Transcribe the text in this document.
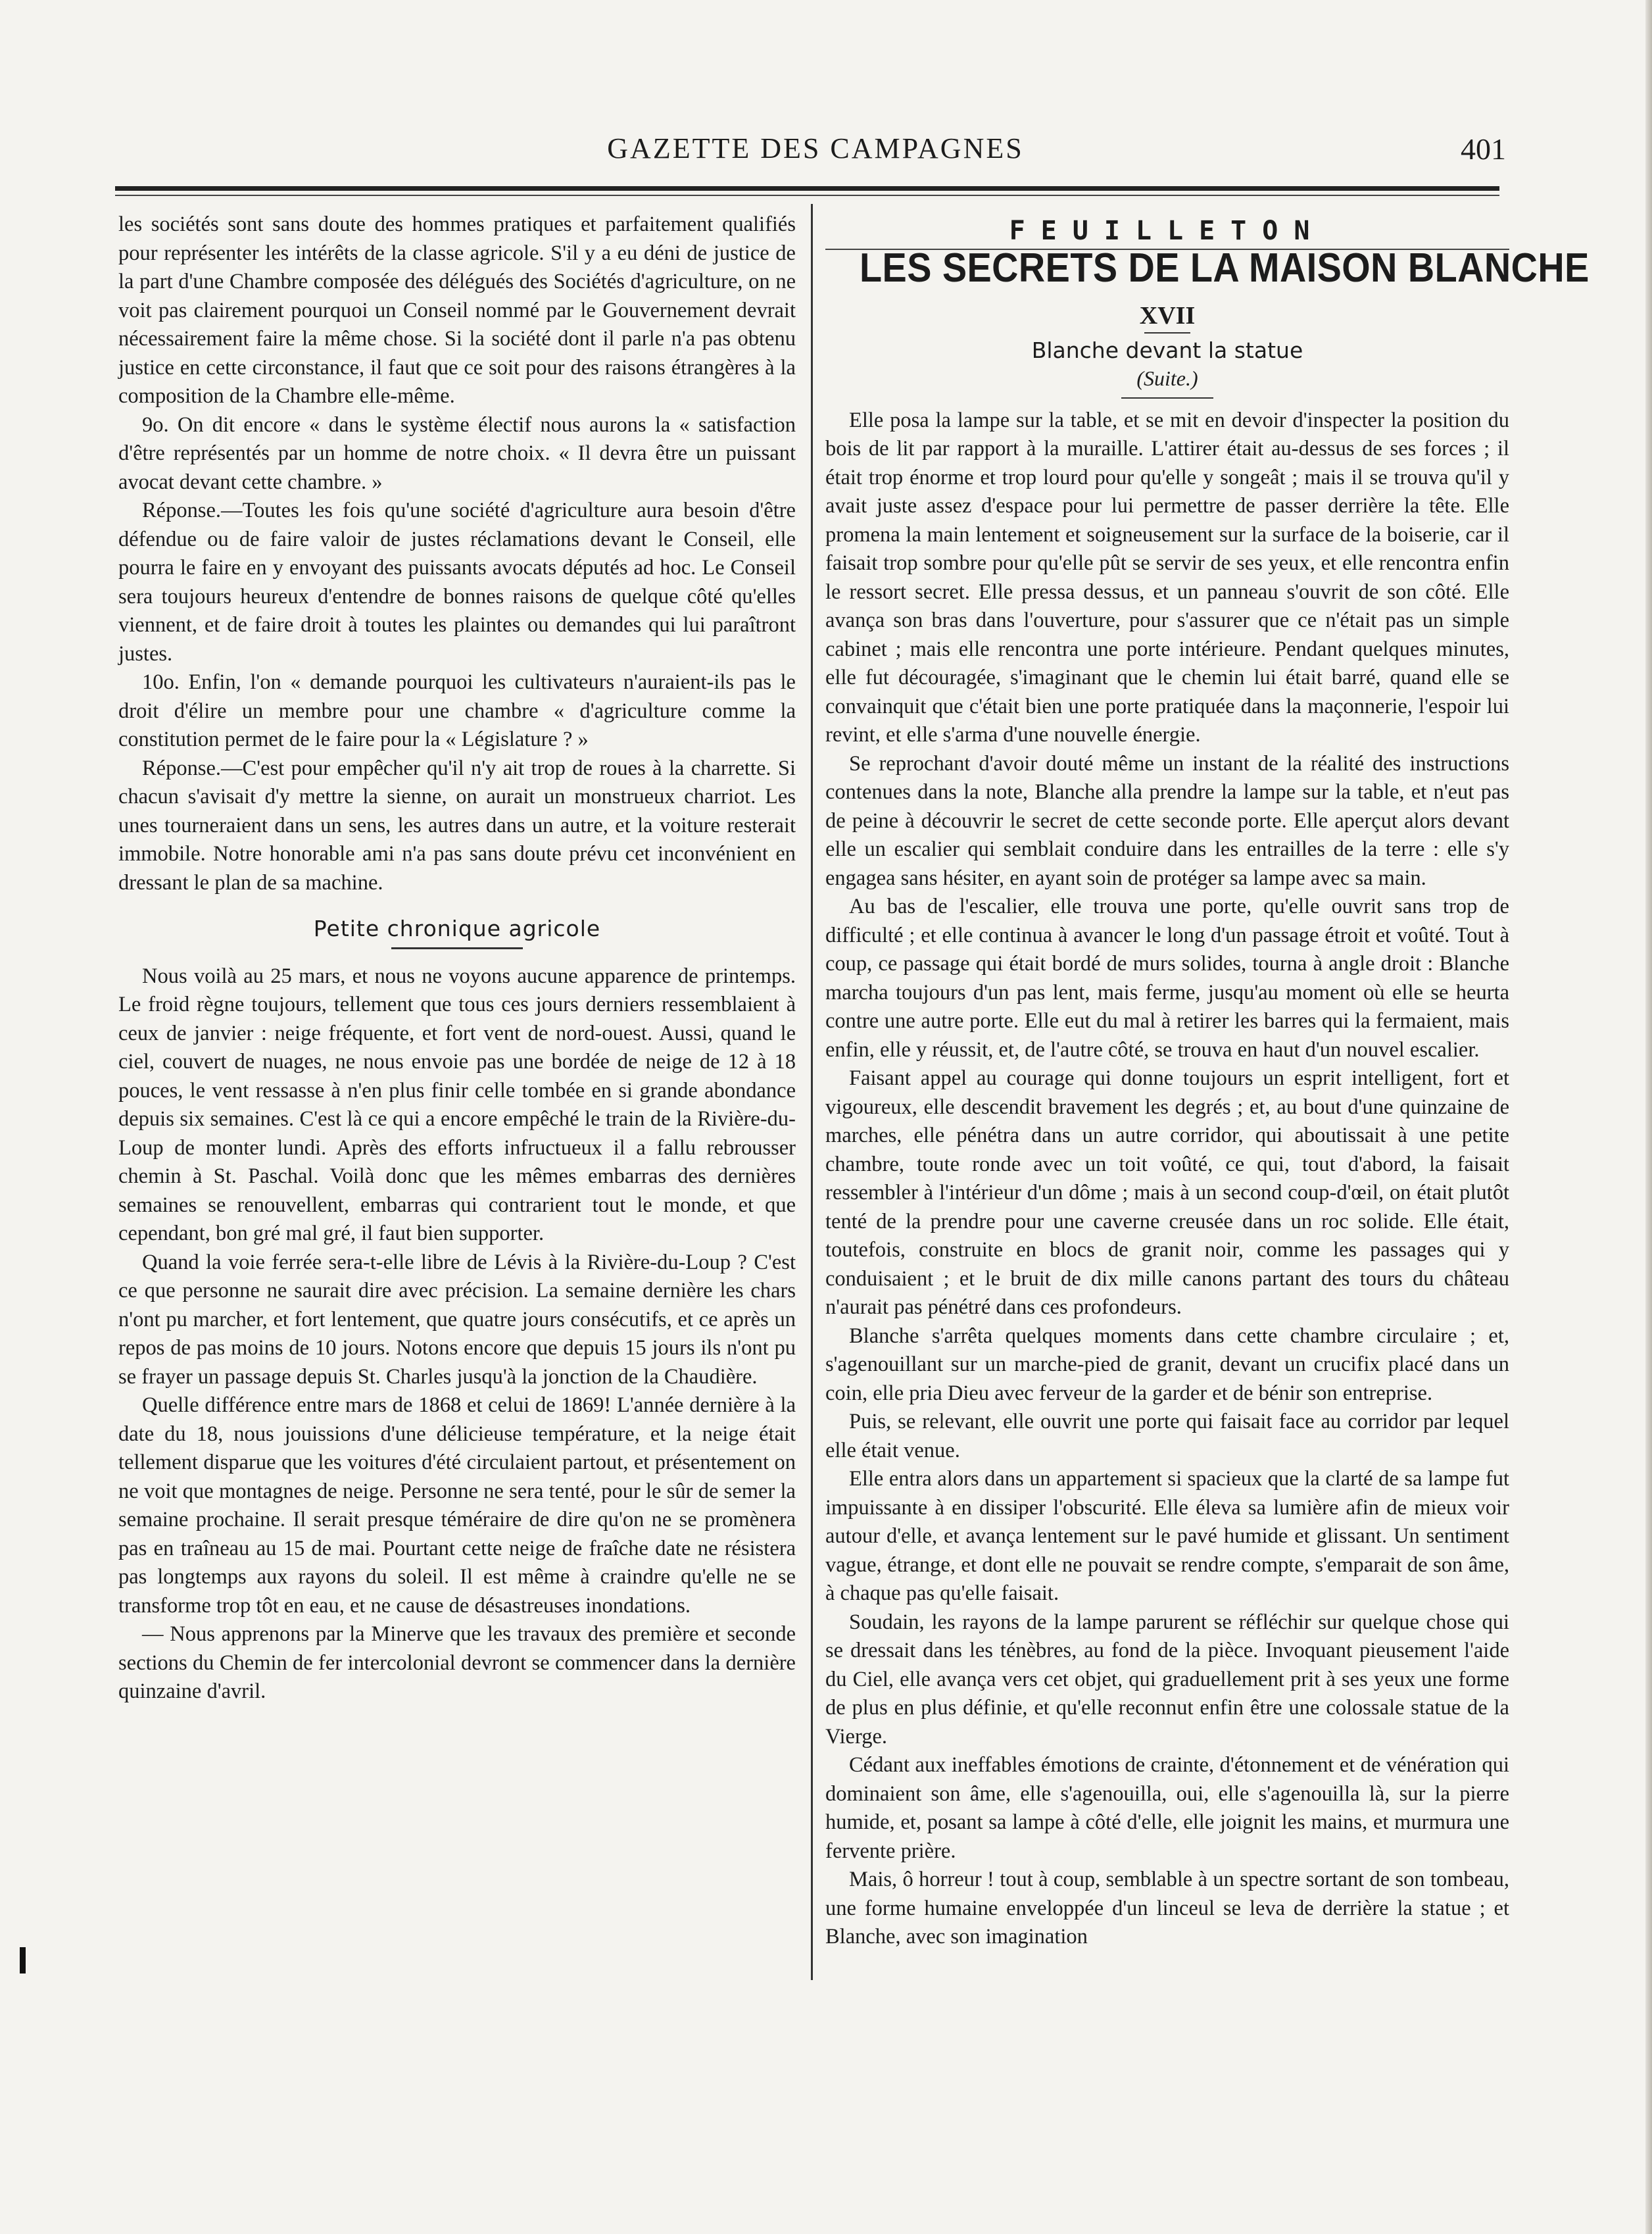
GAZETTE DES CAMPAGNES	401

les sociétés sont sans doute des hommes pratiques et parfaitement qualifiés pour représenter les intérêts de la classe agricole. S'il y a eu déni de justice de la part d'une Chambre composée des délégués des Sociétés d'agriculture, on ne voit pas clairement pourquoi un Conseil nommé par le Gouvernement devrait nécessairement faire la même chose. Si la société dont il parle n'a pas obtenu justice en cette circonstance, il faut que ce soit pour des raisons étrangères à la composition de la Chambre elle-même.

9o. On dit encore « dans le système électif nous aurons la « satisfaction d'être représentés par un homme de notre choix. « Il devra être un puissant avocat devant cette chambre. »

Réponse.—Toutes les fois qu'une société d'agriculture aura besoin d'être défendue ou de faire valoir de justes réclamations devant le Conseil, elle pourra le faire en y envoyant des puissants avocats députés ad hoc. Le Conseil sera toujours heureux d'entendre de bonnes raisons de quelque côté qu'elles viennent, et de faire droit à toutes les plaintes ou demandes qui lui paraîtront justes.

10o. Enfin, l'on « demande pourquoi les cultivateurs n'auraient-ils pas le droit d'élire un membre pour une chambre « d'agriculture comme la constitution permet de le faire pour la « Législature ? »

Réponse.—C'est pour empêcher qu'il n'y ait trop de roues à la charrette. Si chacun s'avisait d'y mettre la sienne, on aurait un monstrueux charriot. Les unes tourneraient dans un sens, les autres dans un autre, et la voiture resterait immobile. Notre honorable ami n'a pas sans doute prévu cet inconvénient en dressant le plan de sa machine.

Petite chronique agricole

Nous voilà au 25 mars, et nous ne voyons aucune apparence de printemps. Le froid règne toujours, tellement que tous ces jours derniers ressemblaient à ceux de janvier : neige fréquente, et fort vent de nord-ouest. Aussi, quand le ciel, couvert de nuages, ne nous envoie pas une bordée de neige de 12 à 18 pouces, le vent ressasse à n'en plus finir celle tombée en si grande abondance depuis six semaines. C'est là ce qui a encore empêché le train de la Rivière-du-Loup de monter lundi. Après des efforts infructueux il a fallu rebrousser chemin à St. Paschal. Voilà donc que les mêmes embarras des dernières semaines se renouvellent, embarras qui contrarient tout le monde, et que cependant, bon gré mal gré, il faut bien supporter.

Quand la voie ferrée sera-t-elle libre de Lévis à la Rivière-du-Loup ? C'est ce que personne ne saurait dire avec précision. La semaine dernière les chars n'ont pu marcher, et fort lentement, que quatre jours consécutifs, et ce après un repos de pas moins de 10 jours. Notons encore que depuis 15 jours ils n'ont pu se frayer un passage depuis St. Charles jusqu'à la jonction de la Chaudière.

Quelle différence entre mars de 1868 et celui de 1869! L'année dernière à la date du 18, nous jouissions d'une délicieuse température, et la neige était tellement disparue que les voitures d'été circulaient partout, et présentement on ne voit que montagnes de neige. Personne ne sera tenté, pour le sûr de semer la semaine prochaine. Il serait presque téméraire de dire qu'on ne se promènera pas en traîneau au 15 de mai. Pourtant cette neige de fraîche date ne résistera pas longtemps aux rayons du soleil. Il est même à craindre qu'elle ne se transforme trop tôt en eau, et ne cause de désastreuses inondations.

— Nous apprenons par la Minerve que les travaux des première et seconde sections du Chemin de fer intercolonial devront se commencer dans la dernière quinzaine d'avril.

FEUILLETON
LES SECRETS DE LA MAISON BLANCHE
XVII
Blanche devant la statue
(Suite.)

Elle posa la lampe sur la table, et se mit en devoir d'inspecter la position du bois de lit par rapport à la muraille. L'attirer était au-dessus de ses forces ; il était trop énorme et trop lourd pour qu'elle y songeât ; mais il se trouva qu'il y avait juste assez d'espace pour lui permettre de passer derrière la tête. Elle promena la main lentement et soigneusement sur la surface de la boiserie, car il faisait trop sombre pour qu'elle pût se servir de ses yeux, et elle rencontra enfin le ressort secret. Elle pressa dessus, et un panneau s'ouvrit de son côté. Elle avança son bras dans l'ouverture, pour s'assurer que ce n'était pas un simple cabinet ; mais elle rencontra une porte intérieure. Pendant quelques minutes, elle fut découragée, s'imaginant que le chemin lui était barré, quand elle se convainquit que c'était bien une porte pratiquée dans la maçonnerie, l'espoir lui revint, et elle s'arma d'une nouvelle énergie.

Se reprochant d'avoir douté même un instant de la réalité des instructions contenues dans la note, Blanche alla prendre la lampe sur la table, et n'eut pas de peine à découvrir le secret de cette seconde porte. Elle aperçut alors devant elle un escalier qui semblait conduire dans les entrailles de la terre : elle s'y engagea sans hésiter, en ayant soin de protéger sa lampe avec sa main.

Au bas de l'escalier, elle trouva une porte, qu'elle ouvrit sans trop de difficulté ; et elle continua à avancer le long d'un passage étroit et voûté. Tout à coup, ce passage qui était bordé de murs solides, tourna à angle droit : Blanche marcha toujours d'un pas lent, mais ferme, jusqu'au moment où elle se heurta contre une autre porte. Elle eut du mal à retirer les barres qui la fermaient, mais enfin, elle y réussit, et, de l'autre côté, se trouva en haut d'un nouvel escalier.

Faisant appel au courage qui donne toujours un esprit intelligent, fort et vigoureux, elle descendit bravement les degrés ; et, au bout d'une quinzaine de marches, elle pénétra dans un autre corridor, qui aboutissait à une petite chambre, toute ronde avec un toit voûté, ce qui, tout d'abord, la faisait ressembler à l'intérieur d'un dôme ; mais à un second coup-d'œil, on était plutôt tenté de la prendre pour une caverne creusée dans un roc solide. Elle était, toutefois, construite en blocs de granit noir, comme les passages qui y conduisaient ; et le bruit de dix mille canons partant des tours du château n'aurait pas pénétré dans ces profondeurs.

Blanche s'arrêta quelques moments dans cette chambre circulaire ; et, s'agenouillant sur un marche-pied de granit, devant un crucifix placé dans un coin, elle pria Dieu avec ferveur de la garder et de bénir son entreprise.

Puis, se relevant, elle ouvrit une porte qui faisait face au corridor par lequel elle était venue.

Elle entra alors dans un appartement si spacieux que la clarté de sa lampe fut impuissante à en dissiper l'obscurité. Elle éleva sa lumière afin de mieux voir autour d'elle, et avança lentement sur le pavé humide et glissant. Un sentiment vague, étrange, et dont elle ne pouvait se rendre compte, s'emparait de son âme, à chaque pas qu'elle faisait.

Soudain, les rayons de la lampe parurent se réfléchir sur quelque chose qui se dressait dans les ténèbres, au fond de la pièce. Invoquant pieusement l'aide du Ciel, elle avança vers cet objet, qui graduellement prit à ses yeux une forme de plus en plus définie, et qu'elle reconnut enfin être une colossale statue de la Vierge.

Cédant aux ineffables émotions de crainte, d'étonnement et de vénération qui dominaient son âme, elle s'agenouilla, oui, elle s'agenouilla là, sur la pierre humide, et, posant sa lampe à côté d'elle, elle joignit les mains, et murmura une fervente prière.

Mais, ô horreur ! tout à coup, semblable à un spectre sortant de son tombeau, une forme humaine enveloppée d'un linceul se leva de derrière la statue ; et Blanche, avec son imagination
